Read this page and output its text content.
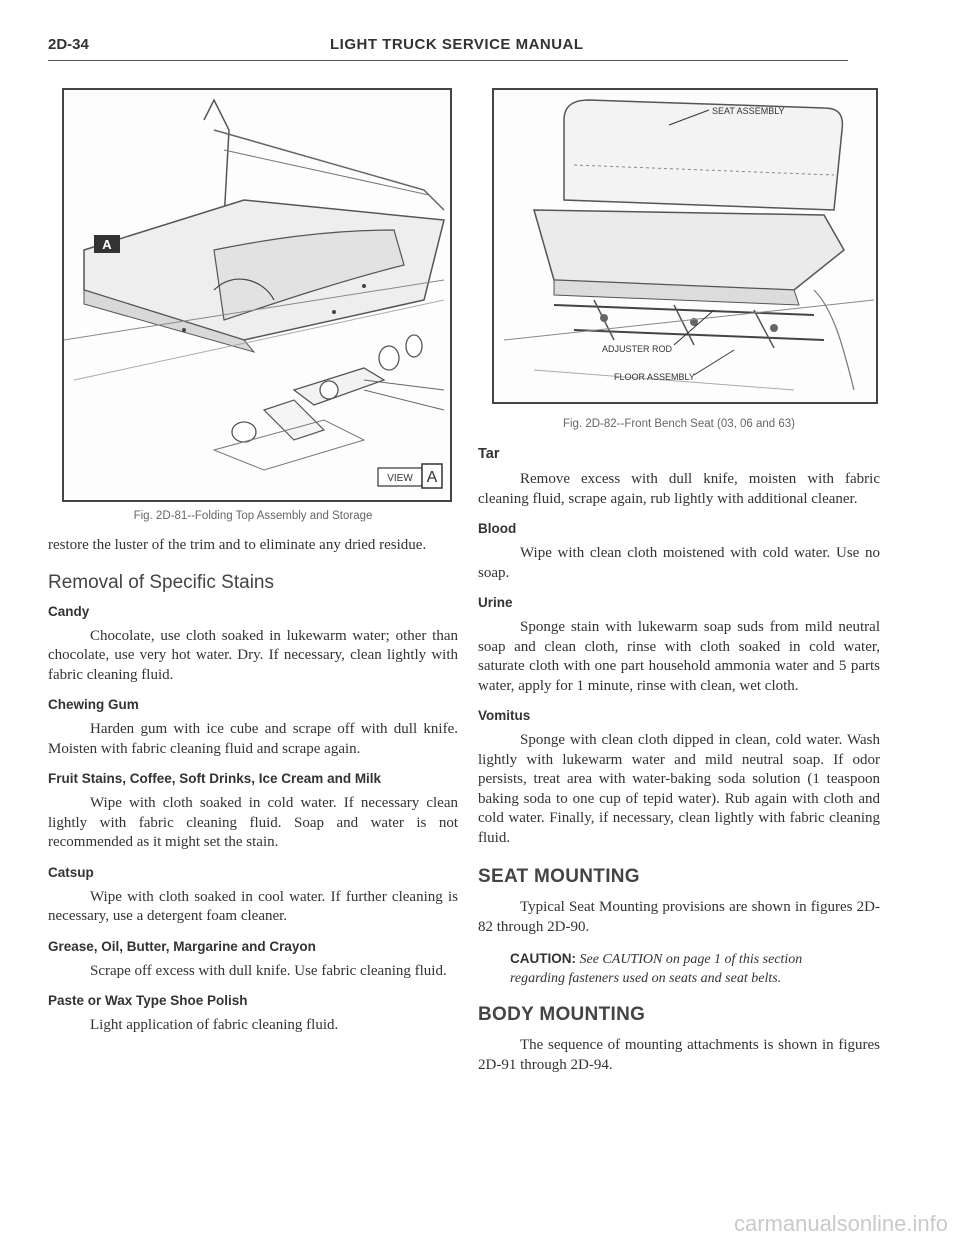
2D-34	LIGHT TRUCK SERVICE MANUAL
A
VIEW A
Fig. 2D-81--Folding Top Assembly and Storage

restore the luster of the trim and to eliminate any dried residue.

Removal of Specific Stains
Candy

Chocolate, use cloth soaked in lukewarm water; other than chocolate, use very hot water. Dry. If necessary, clean lightly with fabric cleaning fluid.

Chewing Gum

Harden gum with ice cube and scrape off with dull knife. Moisten with fabric cleaning fluid and scrape again.

Fruit Stains, Coffee, Soft Drinks, Ice Cream and Milk

Wipe with cloth soaked in cold water. If necessary clean lightly with fabric cleaning fluid. Soap and water is not recommended as it might set the stain.

Catsup

Wipe with cloth soaked in cool water. If further cleaning is necessary, use a detergent foam cleaner.

Grease, Oil, Butter, Margarine and Crayon

Scrape off excess with dull knife. Use fabric cleaning fluid.

Paste or Wax Type Shoe Polish

Light application of fabric cleaning fluid.

SEAT ASSEMBLY
ADJUSTER ROD
FLOOR ASSEMBLY
Fig. 2D-82--Front Bench Seat (03, 06 and 63)
Tar

Remove excess with dull knife, moisten with fabric cleaning fluid, scrape again, rub lightly with additional cleaner.

Blood

Wipe with clean cloth moistened with cold water. Use no soap.

Urine

Sponge stain with lukewarm soap suds from mild neutral soap and clean cloth, rinse with cloth soaked in cold water, saturate cloth with one part household ammonia water and 5 parts water, apply for 1 minute, rinse with clean, wet cloth.

Vomitus

Sponge with clean cloth dipped in clean, cold water. Wash lightly with lukewarm water and mild neutral soap. If odor persists, treat area with water-baking soda solution (1 teaspoon baking soda to one cup of tepid water). Rub again with cloth and cold water. Finally, if necessary, clean lightly with fabric cleaning fluid.

SEAT MOUNTING

Typical Seat Mounting provisions are shown in figures 2D-82 through 2D-90.

CAUTION: See CAUTION on page 1 of this section regarding fasteners used on seats and seat belts.
BODY MOUNTING

The sequence of mounting attachments is shown in figures 2D-91 through 2D-94.

carmanualsonline.info
